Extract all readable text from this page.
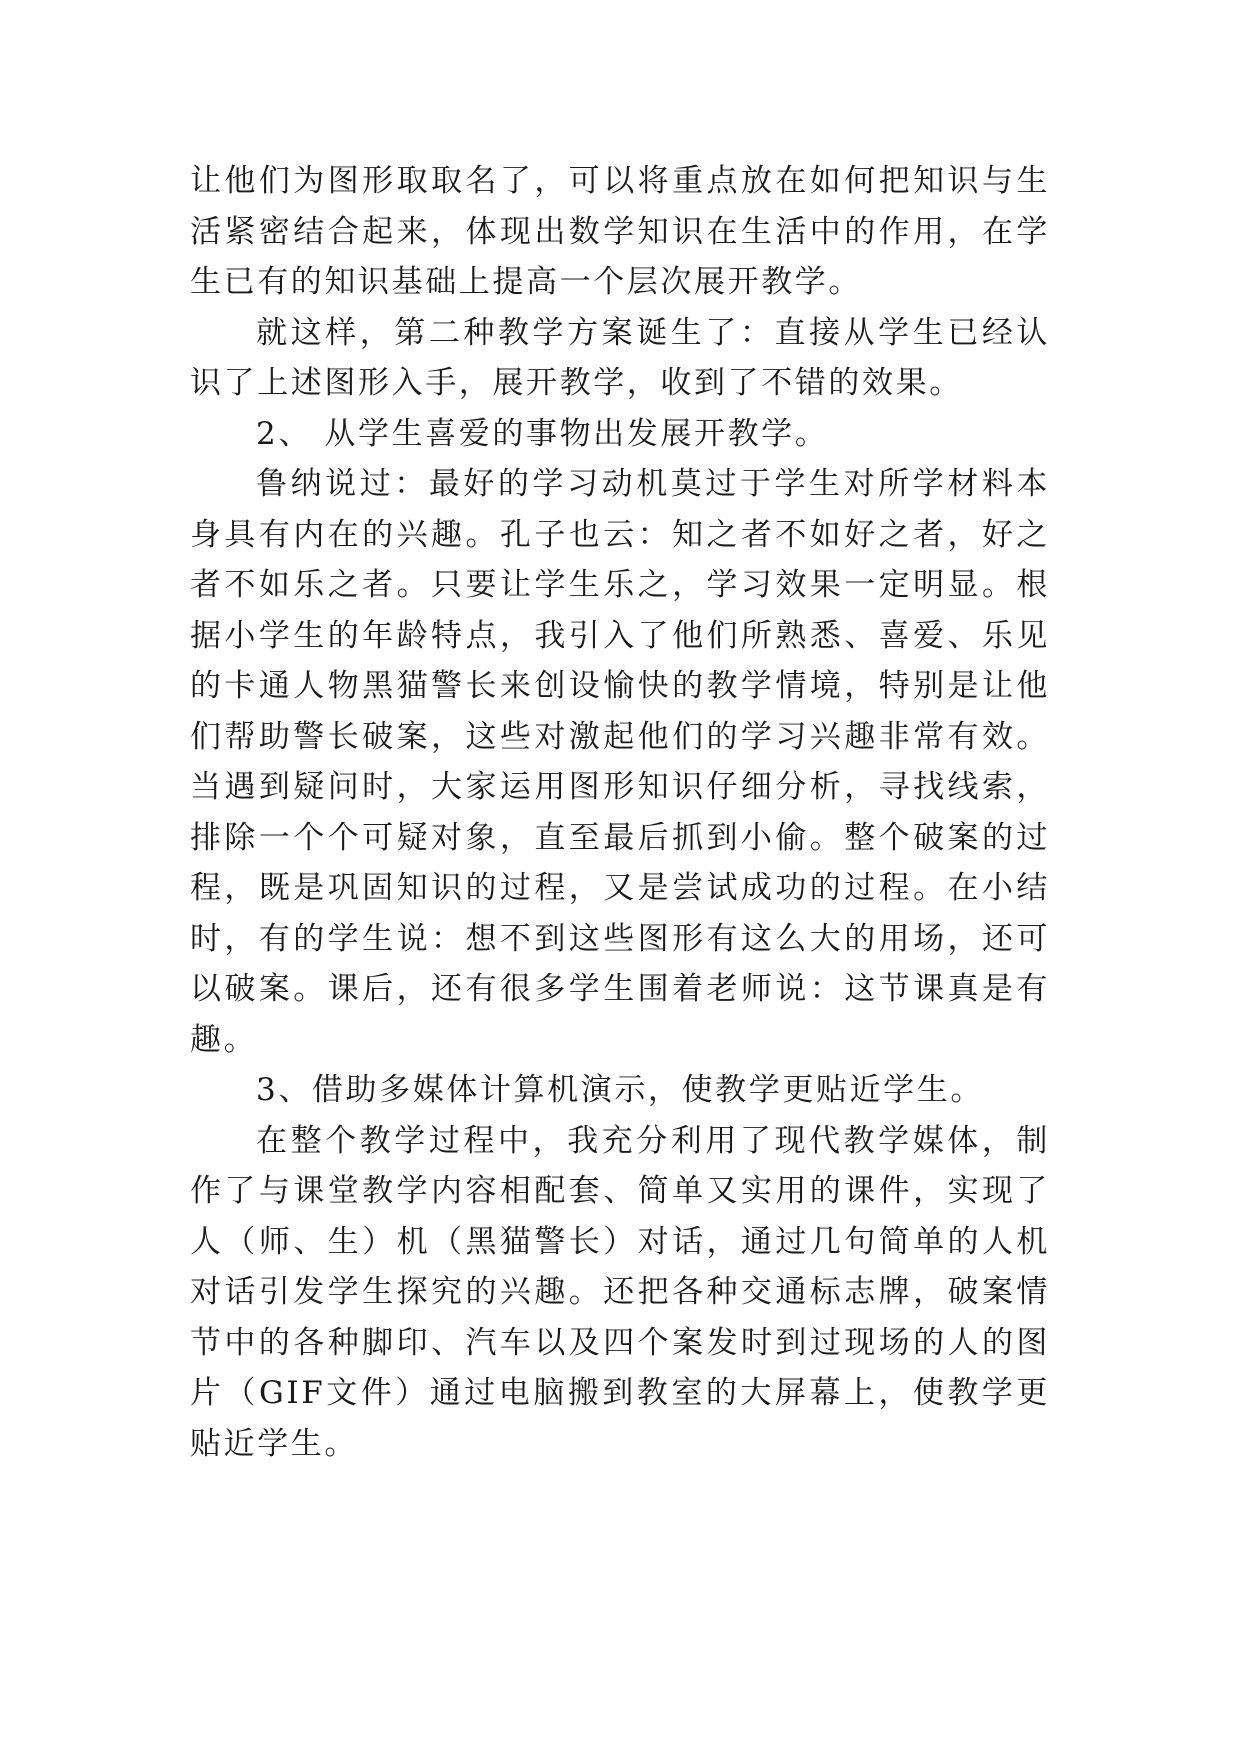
让他们为图形取取名了，可以将重点放在如何把知识与生活紧密结合起来，体现出数学知识在生活中的作用，在学生已有的知识基础上提高一个层次展开教学。

就这样，第二种教学方案诞生了：直接从学生已经认识了上述图形入手，展开教学，收到了不错的效果。

2、 从学生喜爱的事物出发展开教学。

鲁纳说过：最好的学习动机莫过于学生对所学材料本身具有内在的兴趣。孔子也云：知之者不如好之者，好之者不如乐之者。只要让学生乐之，学习效果一定明显。根据小学生的年龄特点，我引入了他们所熟悉、喜爱、乐见的卡通人物黑猫警长来创设愉快的教学情境，特别是让他们帮助警长破案，这些对激起他们的学习兴趣非常有效。当遇到疑问时，大家运用图形知识仔细分析，寻找线索，排除一个个可疑对象，直至最后抓到小偷。整个破案的过程，既是巩固知识的过程，又是尝试成功的过程。在小结时，有的学生说：想不到这些图形有这么大的用场，还可以破案。课后，还有很多学生围着老师说：这节课真是有趣。

3、借助多媒体计算机演示，使教学更贴近学生。

在整个教学过程中，我充分利用了现代教学媒体，制作了与课堂教学内容相配套、简单又实用的课件，实现了人（师、生）机（黑猫警长）对话，通过几句简单的人机对话引发学生探究的兴趣。还把各种交通标志牌，破案情节中的各种脚印、汽车以及四个案发时到过现场的人的图片（GIF文件）通过电脑搬到教室的大屏幕上，使教学更贴近学生。
